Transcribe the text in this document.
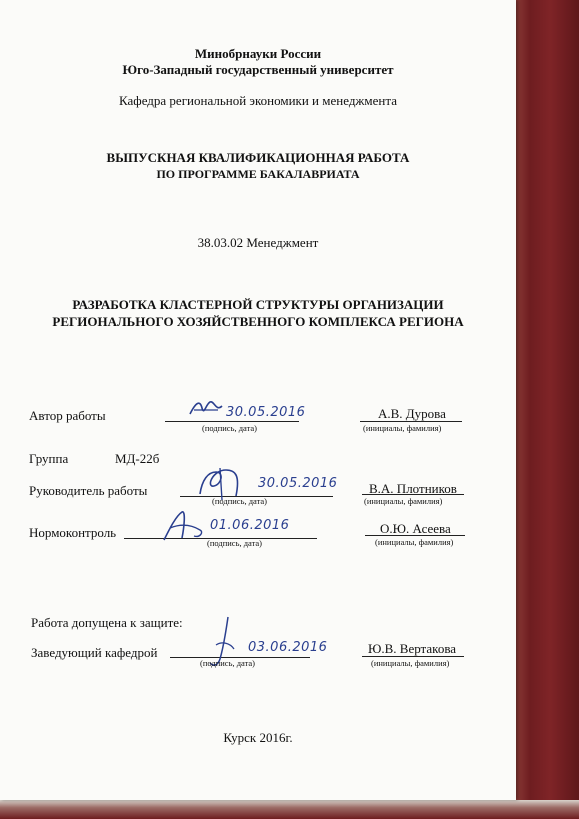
Минобрнауки России
Юго-Западный государственный университет
Кафедра региональной экономики и менеджмента
ВЫПУСКНАЯ КВАЛИФИКАЦИОННАЯ РАБОТА
ПО ПРОГРАММЕ БАКАЛАВРИАТА
38.03.02 Менеджмент
РАЗРАБОТКА КЛАСТЕРНОЙ СТРУКТУРЫ ОРГАНИЗАЦИИ
РЕГИОНАЛЬНОГО ХОЗЯЙСТВЕННОГО КОМПЛЕКСА РЕГИОНА
Автор работы	30.05.2016
(подпись, дата)
А.В. Дурова
(инициалы, фамилия)
Группа	МД-22б
Руководитель работы	30.05.2016
(подпись, дата)
В.А. Плотников
(инициалы, фамилия)
Нормоконтроль	01.06.2016
(подпись, дата)
О.Ю. Асеева
(инициалы, фамилия)
Работа допущена к защите:
Заведующий кафедрой	03.06.2016
(подпись, дата)
Ю.В. Вертакова
(инициалы, фамилия)
Курск 2016г.
